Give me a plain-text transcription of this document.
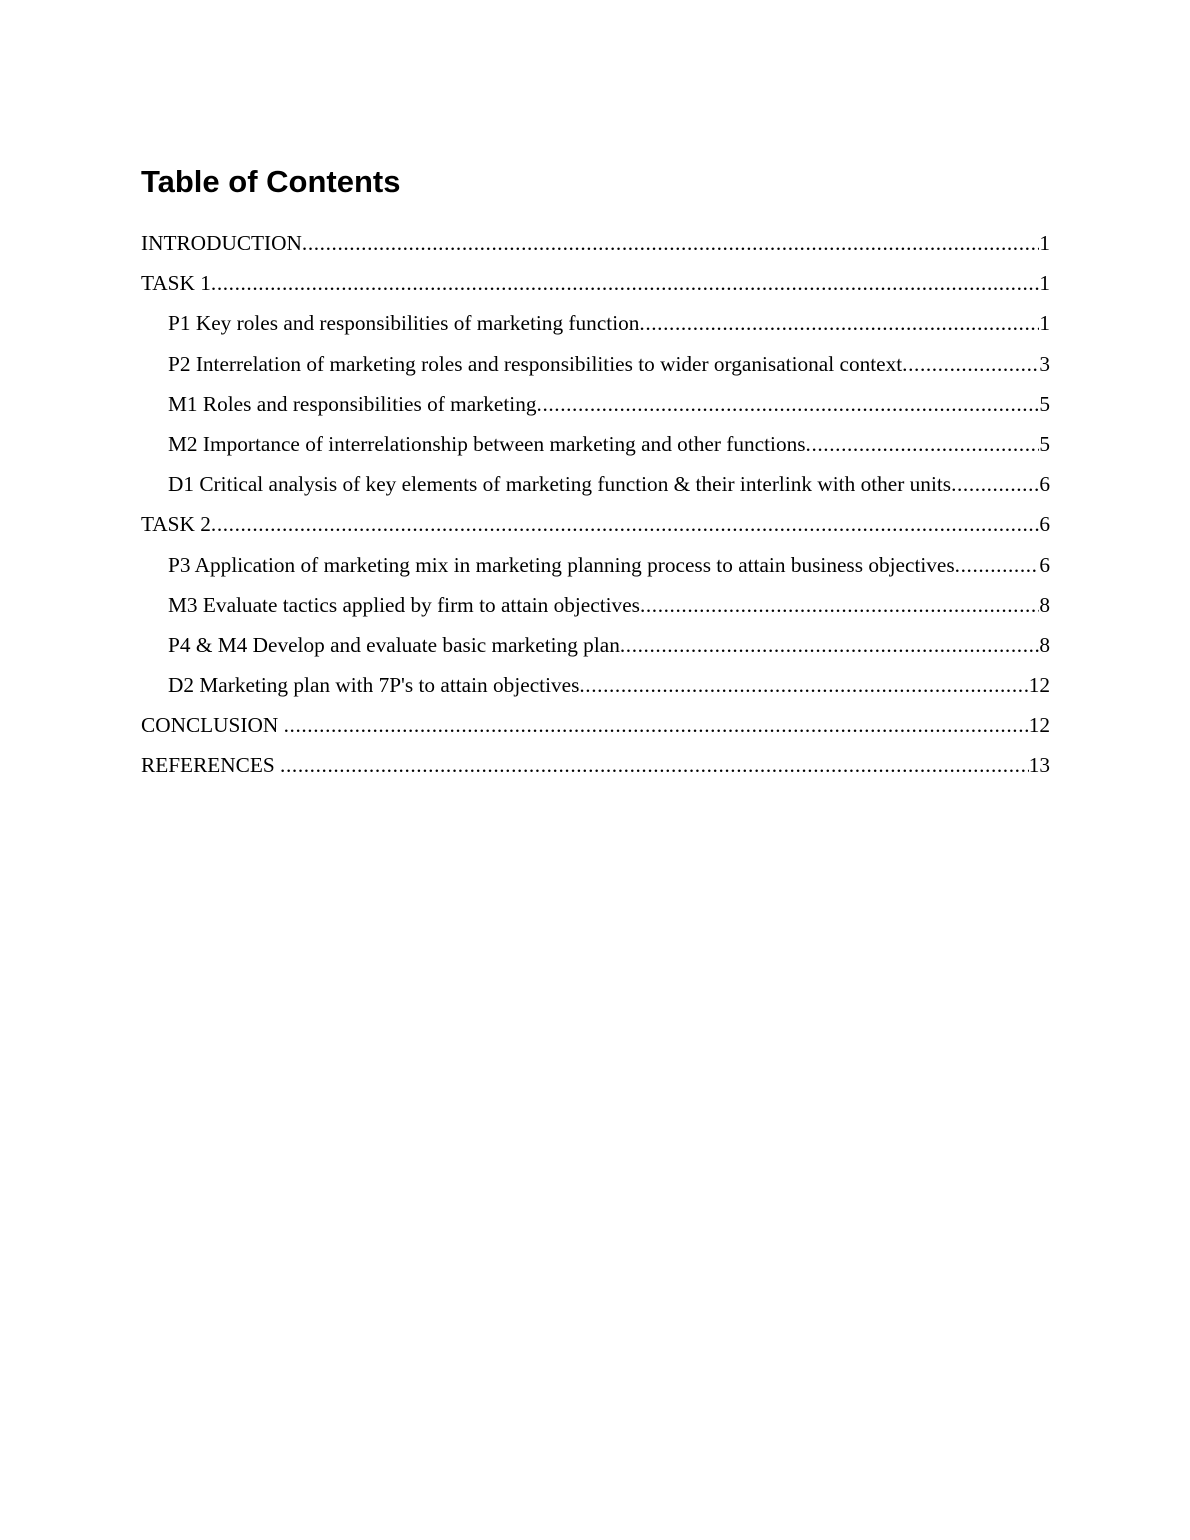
Table of Contents
INTRODUCTION .....	1
TASK 1 .....	1
P1 Key roles and responsibilities of marketing function .....	1
P2 Interrelation of marketing roles and responsibilities to wider organisational context .....	3
M1 Roles and responsibilities of marketing .....	5
M2 Importance of interrelationship between marketing and other functions .....	5
D1 Critical analysis of key elements of marketing function & their interlink with other units .....	6
TASK 2 .....	6
P3 Application of marketing mix in marketing planning process to attain business objectives .....	6
M3 Evaluate tactics applied by firm to attain objectives .....	8
P4 & M4 Develop and evaluate basic marketing plan .....	8
D2 Marketing plan with 7P's to attain objectives .....	12
CONCLUSION .....	12
REFERENCES .....	13
